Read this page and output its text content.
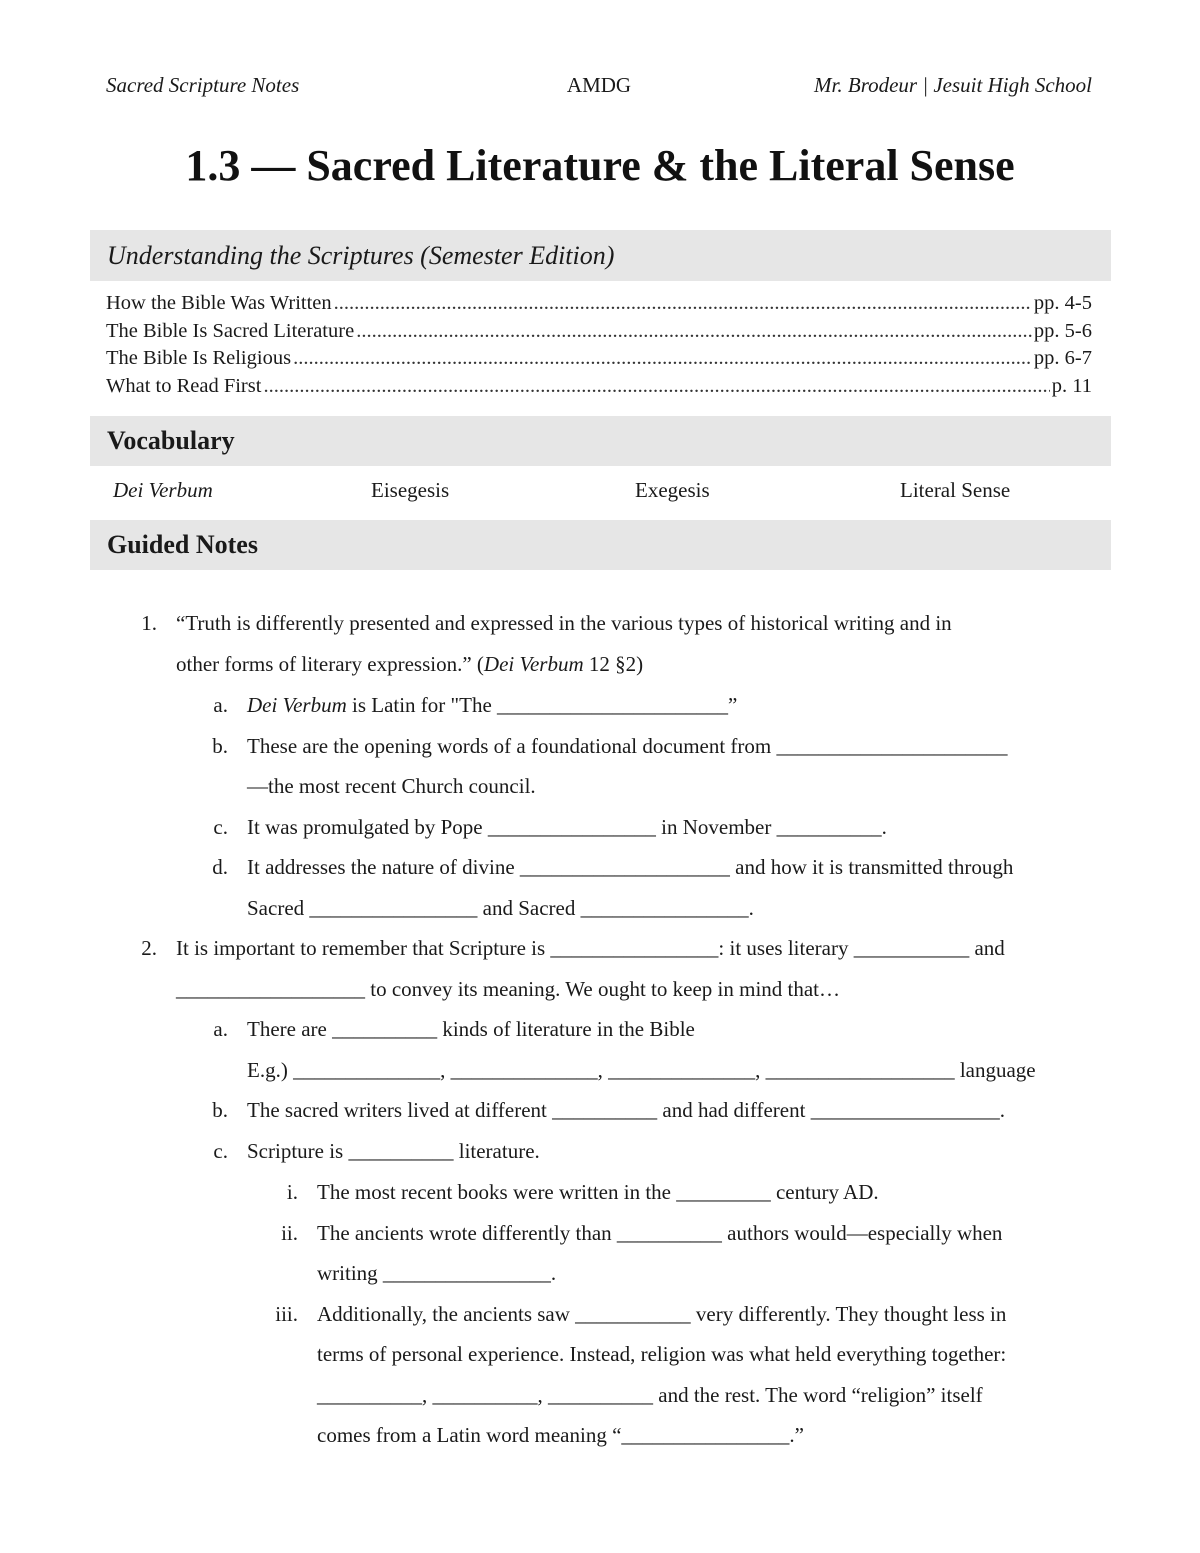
Sacred Scripture Notes	AMDG	Mr. Brodeur | Jesuit High School
1.3 — Sacred Literature & the Literal Sense
Understanding the Scriptures (Semester Edition)
How the Bible Was Written .....	pp. 4-5
The Bible Is Sacred Literature .....	pp. 5-6
The Bible Is Religious .....	pp. 6-7
What to Read First .....	p. 11
Vocabulary
Dei Verbum	Eisegesis	Exegesis	Literal Sense
Guided Notes
1.
a.
b.
c.
d.
2.
a.
b.
c.
i.
ii.
iii.
“Truth is differently presented and expressed in the various types of historical writing and in
other forms of literary expression.” (Dei Verbum 12 §2)
Dei Verbum is Latin for "The ______________________”
These are the opening words of a foundational document from ______________________
—the most recent Church council.
It was promulgated by Pope ________________ in November __________.
It addresses the nature of divine ____________________ and how it is transmitted through
Sacred ________________ and Sacred ________________.
It is important to remember that Scripture is ________________: it uses literary ___________ and
__________________ to convey its meaning. We ought to keep in mind that…
There are __________ kinds of literature in the Bible
E.g.) ______________, ______________, ______________, __________________ language
The sacred writers lived at different __________ and had different __________________.
Scripture is __________ literature.
The most recent books were written in the _________ century AD.
The ancients wrote differently than __________ authors would—especially when
writing ________________.
Additionally, the ancients saw ___________ very differently. They thought less in
terms of personal experience. Instead, religion was what held everything together:
__________, __________, __________ and the rest. The word “religion” itself
comes from a Latin word meaning “________________.”
